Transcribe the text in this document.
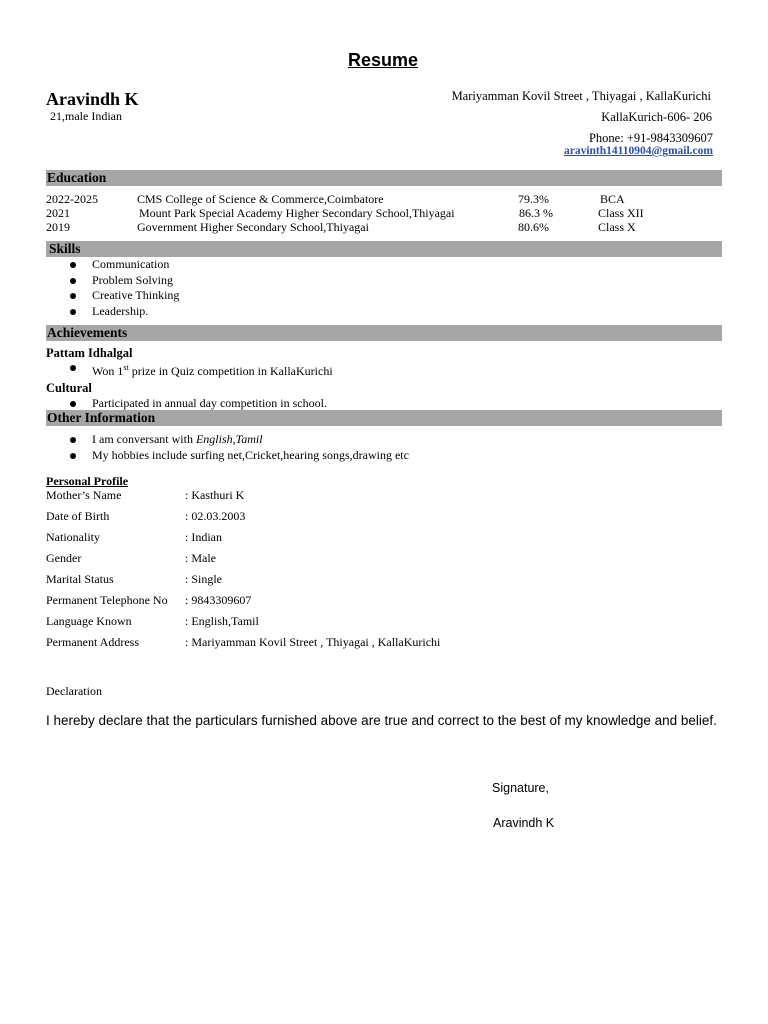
Resume
Aravindh K
21,male Indian
Mariyamman Kovil Street , Thiyagai , KallaKurichi
KallaKurich-606- 206
Phone: +91-9843309607
aravinth14110904@gmail.com
Education
2022-2025	CMS College of Science & Commerce,Coimbatore	79.3%	BCA
2021	Mount Park Special Academy Higher Secondary School,Thiyagai	86.3 %	Class XII
2019	Government Higher Secondary School,Thiyagai	80.6%	Class X
Skills
Communication
Problem Solving
Creative Thinking
Leadership.
Achievements
Pattam Idhalgal
Won 1st prize in Quiz competition in KallaKurichi
Cultural
Participated in annual day competition in school.
Other Information
I am conversant with English,Tamil
My hobbies include surfing net,Cricket,hearing songs,drawing etc
Personal Profile
Mother’s Name	: Kasthuri K
Date of Birth	: 02.03.2003
Nationality	: Indian
Gender	: Male
Marital Status	: Single
Permanent Telephone No : 9843309607
Language Known	: English,Tamil
Permanent Address	: Mariyamman Kovil Street , Thiyagai , KallaKurichi
Declaration
I hereby declare that the particulars furnished above are true and correct to the best of my knowledge and belief.
Signature,
Aravindh K
